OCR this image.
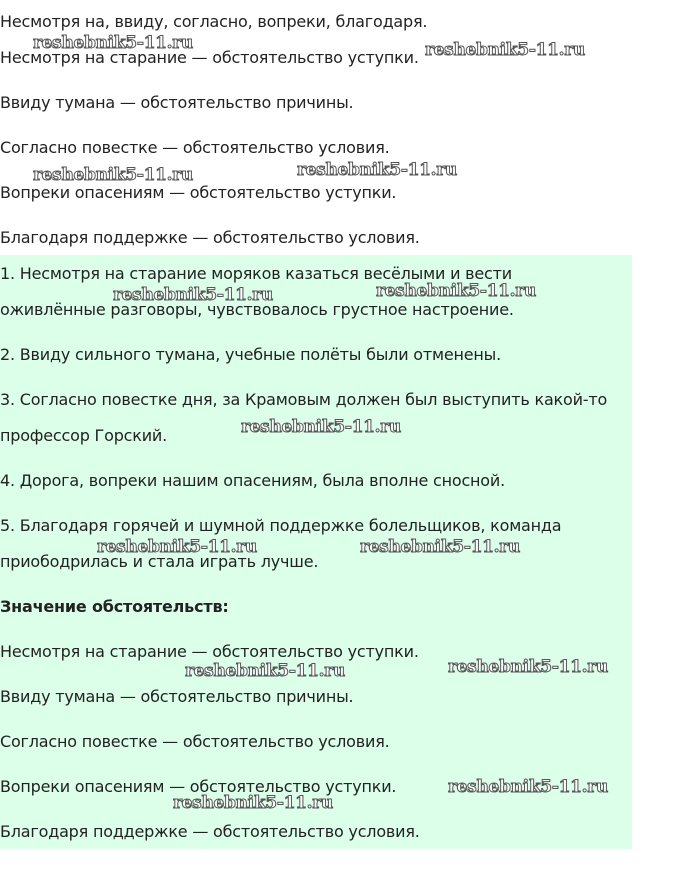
Несмотря на, ввиду, согласно, вопреки, благодаря.
Несмотря на старание — обстоятельство уступки.
Ввиду тумана — обстоятельство причины.
Согласно повестке — обстоятельство условия.
Вопреки опасениям — обстоятельство уступки.
Благодаря поддержке — обстоятельство условия.
1. Несмотря на старание моряков казаться весёлыми и вести
оживлённые разговоры, чувствовалось грустное настроение.
2. Ввиду сильного тумана, учебные полёты были отменены.
3. Согласно повестке дня, за Крамовым должен был выступить какой-то
профессор Горский.
4. Дорога, вопреки нашим опасениям, была вполне сносной.
5. Благодаря горячей и шумной поддержке болельщиков, команда
приободрилась и стала играть лучше.
Значение обстоятельств:
Несмотря на старание — обстоятельство уступки.
Ввиду тумана — обстоятельство причины.
Согласно повестке — обстоятельство условия.
Вопреки опасениям — обстоятельство уступки.
Благодаря поддержке — обстоятельство условия.
reshebnik5-11.ru	reshebnik5-11.ru
reshebnik5-11.ru	reshebnik5-11.ru
reshebnik5-11.ru	reshebnik5-11.ru
reshebnik5-11.ru
reshebnik5-11.ru	reshebnik5-11.ru
reshebnik5-11.ru	reshebnik5-11.ru
reshebnik5-11.ru
reshebnik5-11.ru
